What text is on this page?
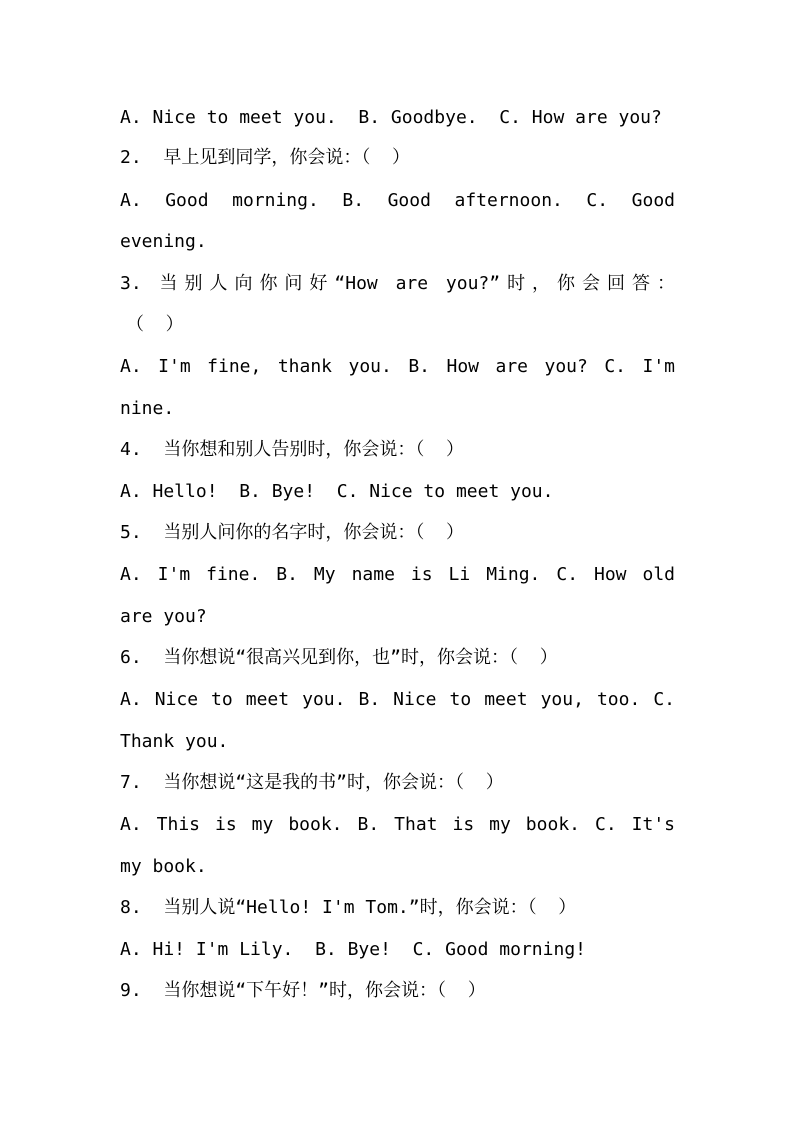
A. Nice to meet you.  B. Goodbye.  C. How are you?
2.  早上见到同学，你会说：（  ）
A. Good morning. B. Good afternoon. C. Good
evening.
3. 当别人向你问好“How are you?”时，你会回答：
（  ）
A. I'm fine, thank you. B. How are you? C. I'm
nine.
4.  当你想和别人告别时，你会说：（  ）
A. Hello!  B. Bye!  C. Nice to meet you.
5.  当别人问你的名字时，你会说：（  ）
A. I'm fine. B. My name is Li Ming. C. How old
are you?
6.  当你想说“很高兴见到你，也”时，你会说：（  ）
A. Nice to meet you. B. Nice to meet you, too. C.
Thank you.
7.  当你想说“这是我的书”时，你会说：（  ）
A. This is my book. B. That is my book. C. It's
my book.
8.  当别人说“Hello! I'm Tom.”时，你会说：（  ）
A. Hi! I'm Lily.  B. Bye!  C. Good morning!
9.  当你想说“下午好！”时，你会说：（  ）
